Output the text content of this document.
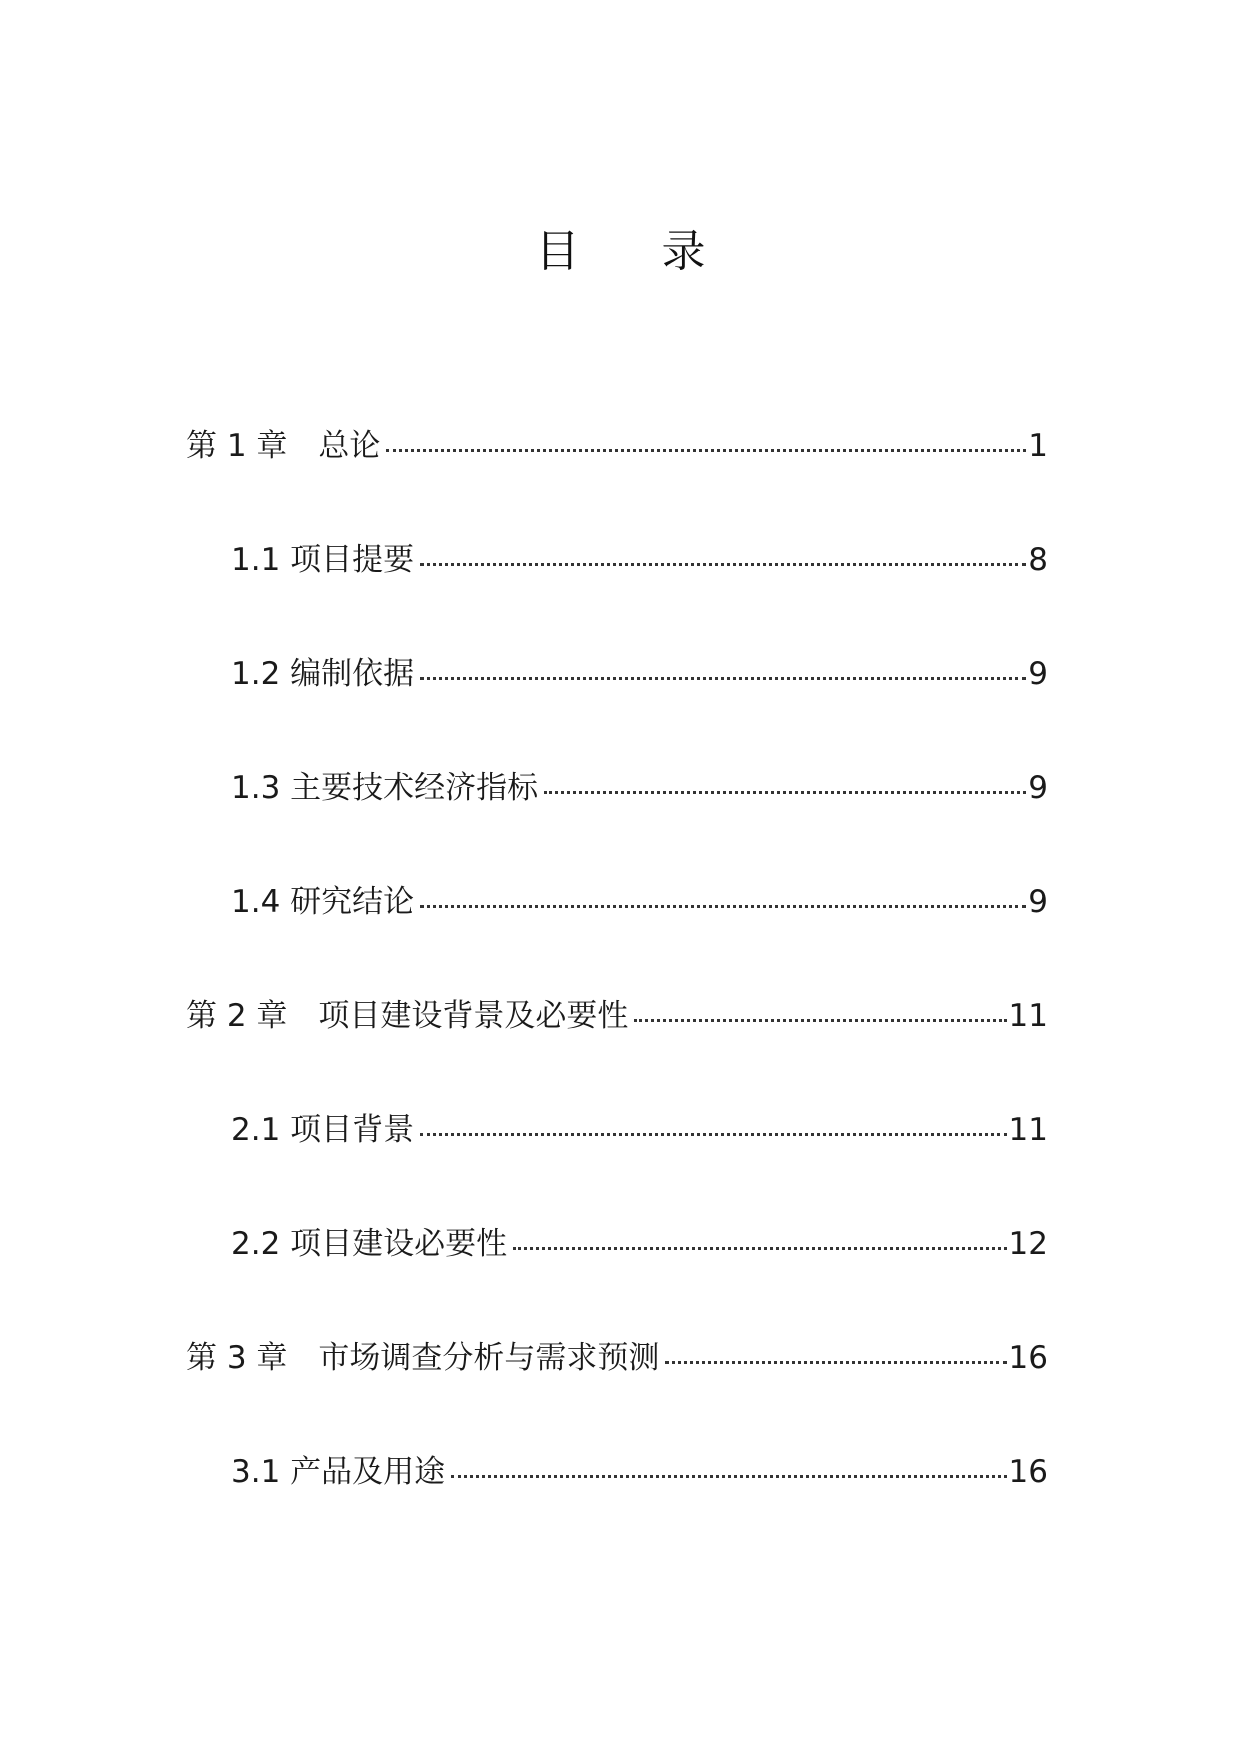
目 录
第 1 章　总论	1
1.1 项目提要	8
1.2 编制依据	9
1.3 主要技术经济指标	9
1.4 研究结论	9
第 2 章　项目建设背景及必要性	11
2.1 项目背景	11
2.2 项目建设必要性	12
第 3 章　市场调查分析与需求预测	16
3.1 产品及用途	16
